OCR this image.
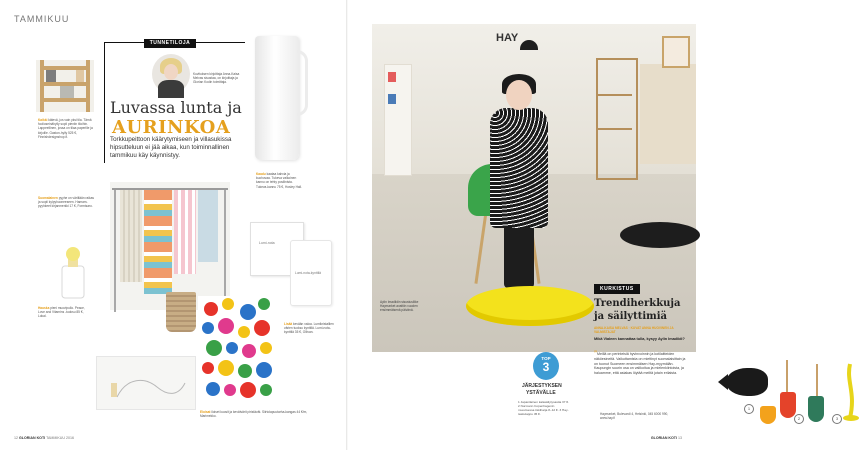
TAMMIKUU
Kaikki kätevä, jos vain yksi tila. Tämä foolioseinähylly sopii pieniin tiloihin. Lappeellinen, jossa on tilaa paperille ja kirjoille. Gaston-hylly 525 €, Finnishdesignshop.fi.
Suomalainen pyyhe on väriltään raikas ja sopii kylpyhuoneeseen. Hamam-pyyhkeet kirjanmerkki 17 €, Formisaro.
TUNNETILOJA
Kuvituksen kirjoittaja Anna-Kaisa Melvas sisustaa, on kirjoittaja ja Glorian Kodin toimittaja.
Luvassa lunta ja
AURINKOA
Torkkupeittoon käärytymiseen ja villasukissa hipsutteluun ei jää aikaa, kun toiminnallinen tammikuu käy käynnistyy.
Kaadu kaataa kahvia ja kuohuvaa. Tukeva valkoinen kannu on tehty posliinista. Tukeva-kannu 75 €, Hosley Hall.
Hauska pieni muovipullo. Peace, Love and Vitamins -tuoksu 85 €, Lokal.
Lumi-nota
Lumi-nota-kynttilä
Lisää kevään valoa. Lumikristallien värien tuoksu kynttilä. Lumi-nota-kynttilä 35 €, Ollivan.
Eloisat iloiset kuosit ja kevätvärit piristävät. Siirtolapuutarha-kangas 44 €/m, Marimekko.
12 GLORIAN KOTI TAMMIKUU 2016
HAY
Aylin Imadiidin sisustusliike Haymarket avattiin vuoden ensimmäisenä päivänä.
1
2	3
TOP
3
JÄRJESTYKSEN
YSTÄVÄLLE
1 Japanilainen kalasäilytysastia 37 €. 2 Normann Copenhagenin muovisessa tiskiharja 8–12 €. 3 Hay-taskulappu 45 €.
KURKISTUS
Trendiherkkuja
ja säilyttimiä
ANNA-KAISA MELVAS · KUVAT ANNA HUOVINEN JA VALMISTAJAT
Mikä Vialeen kannattaa tulla, kysyy Aylin Imadiidi?
”Meillä on perinteisiä hyvinvoinnin ja kotilaitteiden näköesineitä. Vaikuttamista on miettinyt suomalaisittain ja on tuonut Suomeen ensimmäisen Hay-myymälän. Kaupungin suurin osa on valikoitua ja mielenkiintoista, ja haluamme, että asiakas löytää meiltä jotain erilaista.
Haymarket, Bulevardi 4, Helsinki, 045 6000 990, www.hay.fi
GLORIAN KOTI 13
